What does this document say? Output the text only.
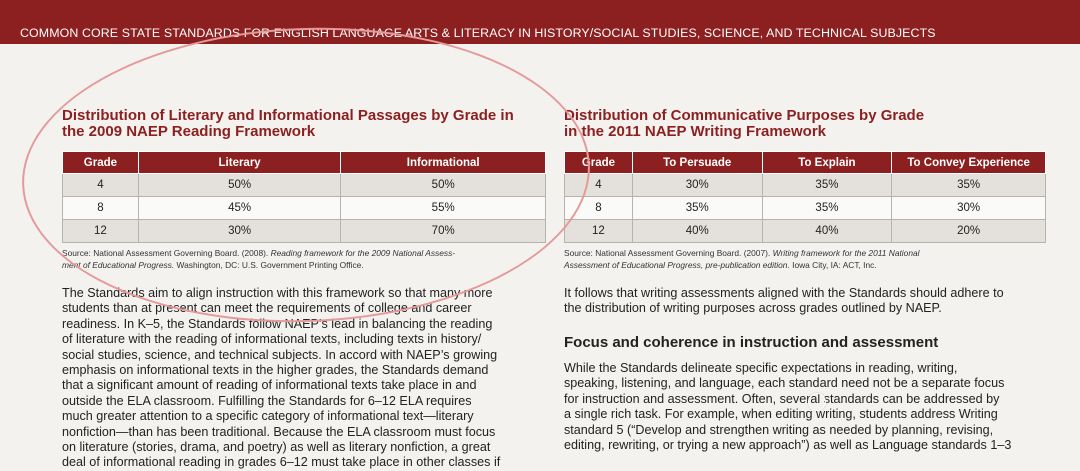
COMMON CORE STATE STANDARDS FOR ENGLISH LANGUAGE ARTS & LITERACY IN HISTORY/SOCIAL STUDIES, SCIENCE, AND TECHNICAL SUBJECTS
Distribution of Literary and Informational Passages by Grade in
the 2009 NAEP Reading Framework
Grade	Literary	Informational
4	50%	50%
8	45%	55%
12	30%	70%
Source: National Assessment Governing Board. (2008). Reading framework for the 2009 National Assess-
ment of Educational Progress. Washington, DC: U.S. Government Printing Office.
The Standards aim to align instruction with this framework so that many more
students than at present can meet the requirements of college and career
readiness. In K–5, the Standards follow NAEP’s lead in balancing the reading
of literature with the reading of informational texts, including texts in history/
social studies, science, and technical subjects. In accord with NAEP’s growing
emphasis on informational texts in the higher grades, the Standards demand
that a significant amount of reading of informational texts take place in and
outside the ELA classroom. Fulfilling the Standards for 6–12 ELA requires
much greater attention to a specific category of informational text—literary
nonfiction—than has been traditional. Because the ELA classroom must focus
on literature (stories, drama, and poetry) as well as literary nonfiction, a great
deal of informational reading in grades 6–12 must take place in other classes if
Distribution of Communicative Purposes by Grade
in the 2011 NAEP Writing Framework
Grade	To Persuade	To Explain	To Convey Experience
4	30%	35%	35%
8	35%	35%	30%
12	40%	40%	20%
Source: National Assessment Governing Board. (2007). Writing framework for the 2011 National
Assessment of Educational Progress, pre-publication edition. Iowa City, IA: ACT, Inc.
It follows that writing assessments aligned with the Standards should adhere to
the distribution of writing purposes across grades outlined by NAEP.
Focus and coherence in instruction and assessment
While the Standards delineate specific expectations in reading, writing,
speaking, listening, and language, each standard need not be a separate focus
for instruction and assessment. Often, several standards can be addressed by
a single rich task. For example, when editing writing, students address Writing
standard 5 (“Develop and strengthen writing as needed by planning, revising,
editing, rewriting, or trying a new approach”) as well as Language standards 1–3
